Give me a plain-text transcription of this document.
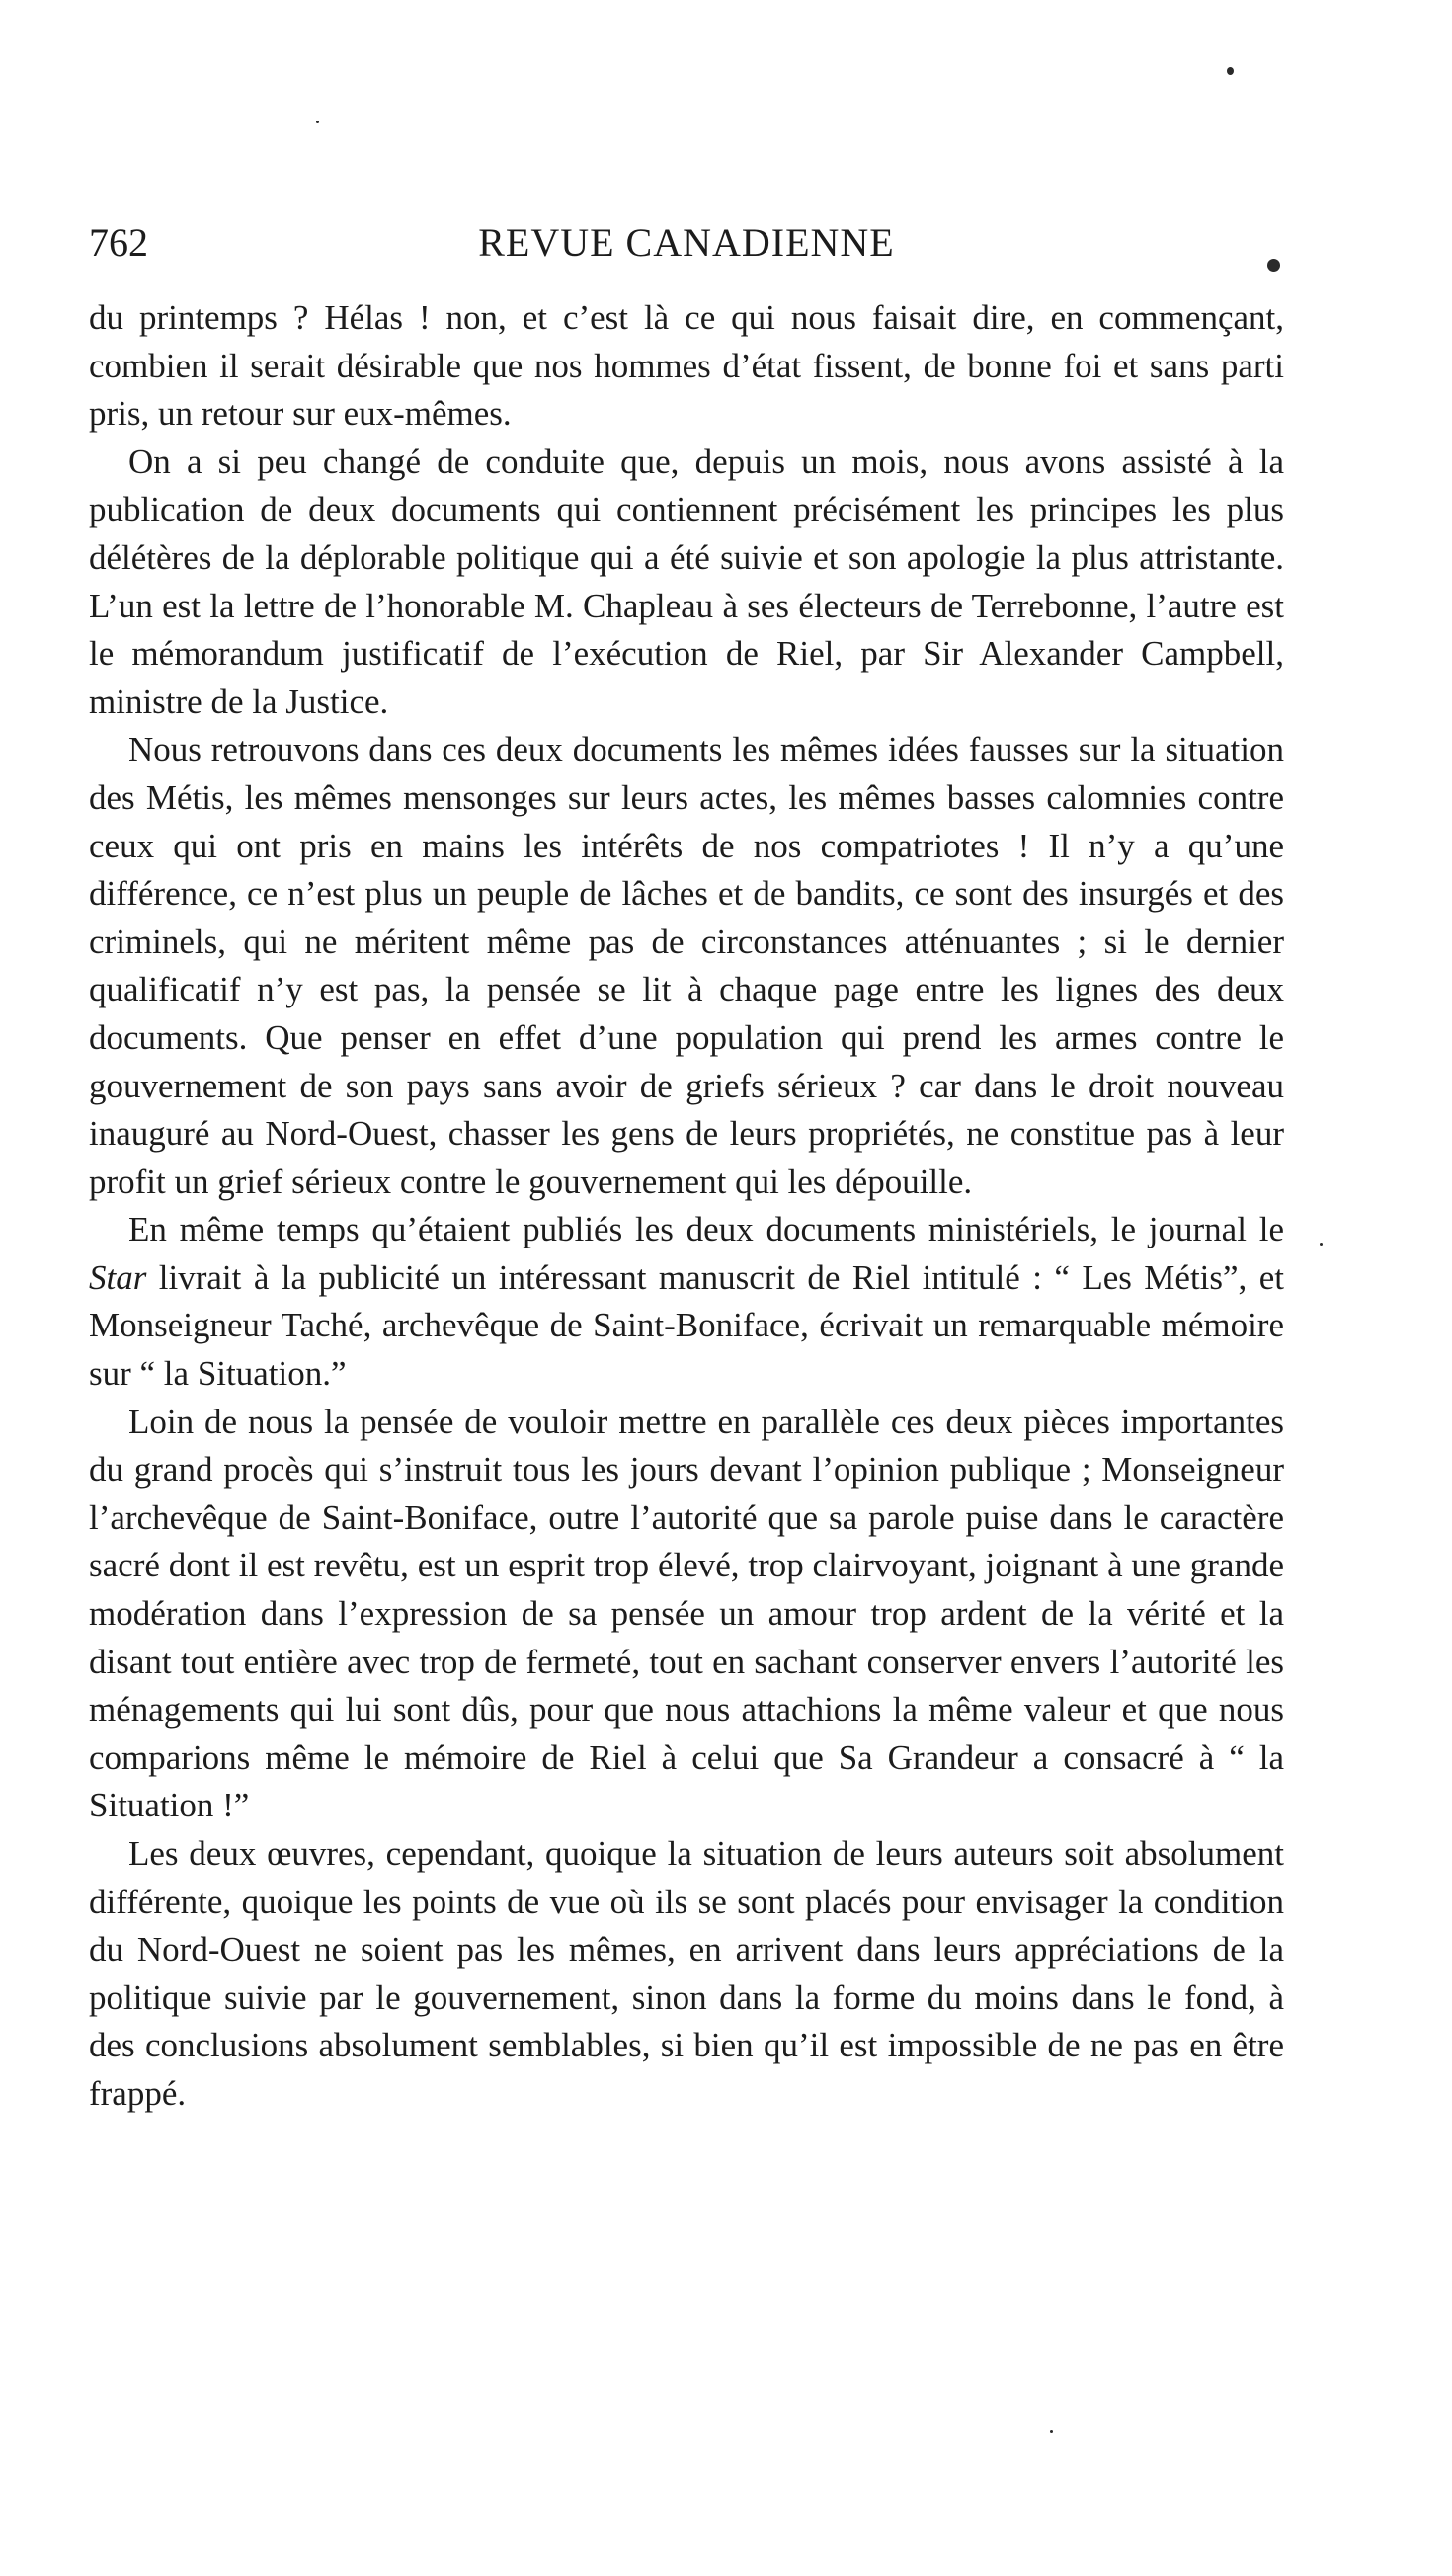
762	REVUE CANADIENNE

du printemps ? Hélas ! non, et c’est là ce qui nous faisait dire, en commençant, combien il serait désirable que nos hommes d’état fissent, de bonne foi et sans parti pris, un retour sur eux-mêmes.

On a si peu changé de conduite que, depuis un mois, nous avons assisté à la publication de deux documents qui contiennent précisément les principes les plus délétères de la déplorable politique qui a été suivie et son apologie la plus attristante. L’un est la lettre de l’honorable M. Chapleau à ses électeurs de Terrebonne, l’autre est le mémorandum justificatif de l’exécution de Riel, par Sir Alexander Campbell, ministre de la Justice.

Nous retrouvons dans ces deux documents les mêmes idées fausses sur la situation des Métis, les mêmes mensonges sur leurs actes, les mêmes basses calomnies contre ceux qui ont pris en mains les intérêts de nos compatriotes ! Il n’y a qu’une différence, ce n’est plus un peuple de lâches et de bandits, ce sont des insurgés et des criminels, qui ne méritent même pas de circonstances atténuantes ; si le dernier qualificatif n’y est pas, la pensée se lit à chaque page entre les lignes des deux documents. Que penser en effet d’une population qui prend les armes contre le gouvernement de son pays sans avoir de griefs sérieux ? car dans le droit nouveau inauguré au Nord-Ouest, chasser les gens de leurs propriétés, ne constitue pas à leur profit un grief sérieux contre le gouvernement qui les dépouille.

En même temps qu’étaient publiés les deux documents ministériels, le journal le Star livrait à la publicité un intéressant manuscrit de Riel intitulé : “ Les Métis”, et Monseigneur Taché, archevêque de Saint-Boniface, écrivait un remarquable mémoire sur “ la Situation.”

Loin de nous la pensée de vouloir mettre en parallèle ces deux pièces importantes du grand procès qui s’instruit tous les jours devant l’opinion publique ; Monseigneur l’archevêque de Saint-Boniface, outre l’autorité que sa parole puise dans le caractère sacré dont il est revêtu, est un esprit trop élevé, trop clairvoyant, joignant à une grande modération dans l’expression de sa pensée un amour trop ardent de la vérité et la disant tout entière avec trop de fermeté, tout en sachant conserver envers l’autorité les ménagements qui lui sont dûs, pour que nous attachions la même valeur et que nous comparions même le mémoire de Riel à celui que Sa Grandeur a consacré à “ la Situation !”

Les deux œuvres, cependant, quoique la situation de leurs auteurs soit absolument différente, quoique les points de vue où ils se sont placés pour envisager la condition du Nord-Ouest ne soient pas les mêmes, en arrivent dans leurs appréciations de la politique suivie par le gouvernement, sinon dans la forme du moins dans le fond, à des conclusions absolument semblables, si bien qu’il est impossible de ne pas en être frappé.
